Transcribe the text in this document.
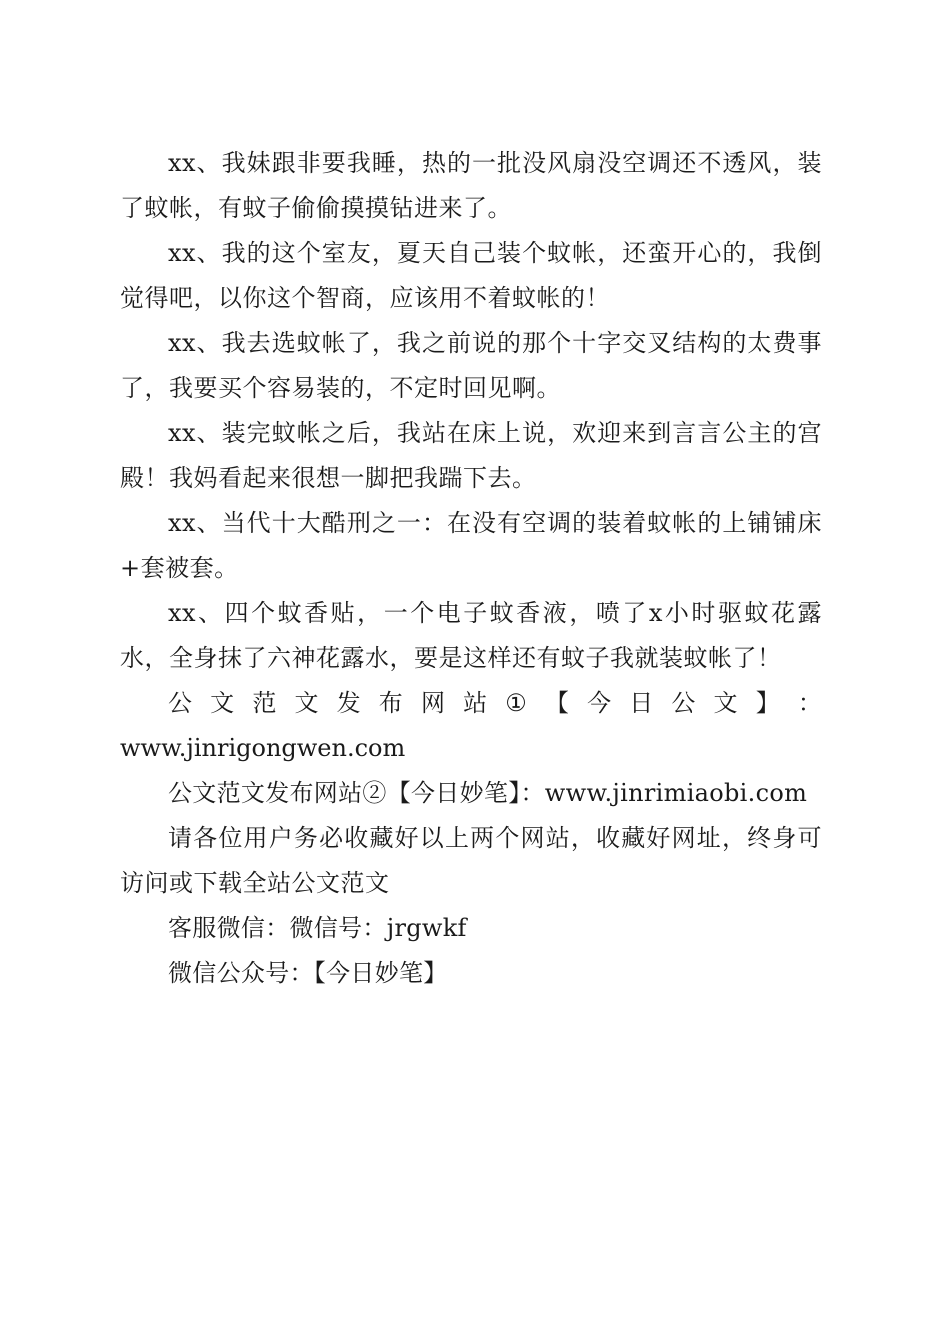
xx、我妹跟非要我睡，热的一批没风扇没空调还不透风，装了蚊帐，有蚊子偷偷摸摸钻进来了。

xx、我的这个室友，夏天自己装个蚊帐，还蛮开心的，我倒觉得吧，以你这个智商，应该用不着蚊帐的！

xx、我去选蚊帐了，我之前说的那个十字交叉结构的太费事了，我要买个容易装的，不定时回见啊。

xx、装完蚊帐之后，我站在床上说，欢迎来到言言公主的宫殿！我妈看起来很想一脚把我踹下去。

xx、当代十大酷刑之一：在没有空调的装着蚊帐的上铺铺床+套被套。

xx、四个蚊香贴，一个电子蚊香液，喷了x小时驱蚊花露水，全身抹了六神花露水，要是这样还有蚊子我就装蚊帐了！

公 文 范 文 发 布 网 站 ① 【 今 日 公 文 】 ：

www.jinrigongwen.com

公文范文发布网站②【今日妙笔】：www.jinrimiaobi.com

请各位用户务必收藏好以上两个网站，收藏好网址，终身可访问或下载全站公文范文

客服微信：微信号：jrgwkf

微信公众号：【今日妙笔】
